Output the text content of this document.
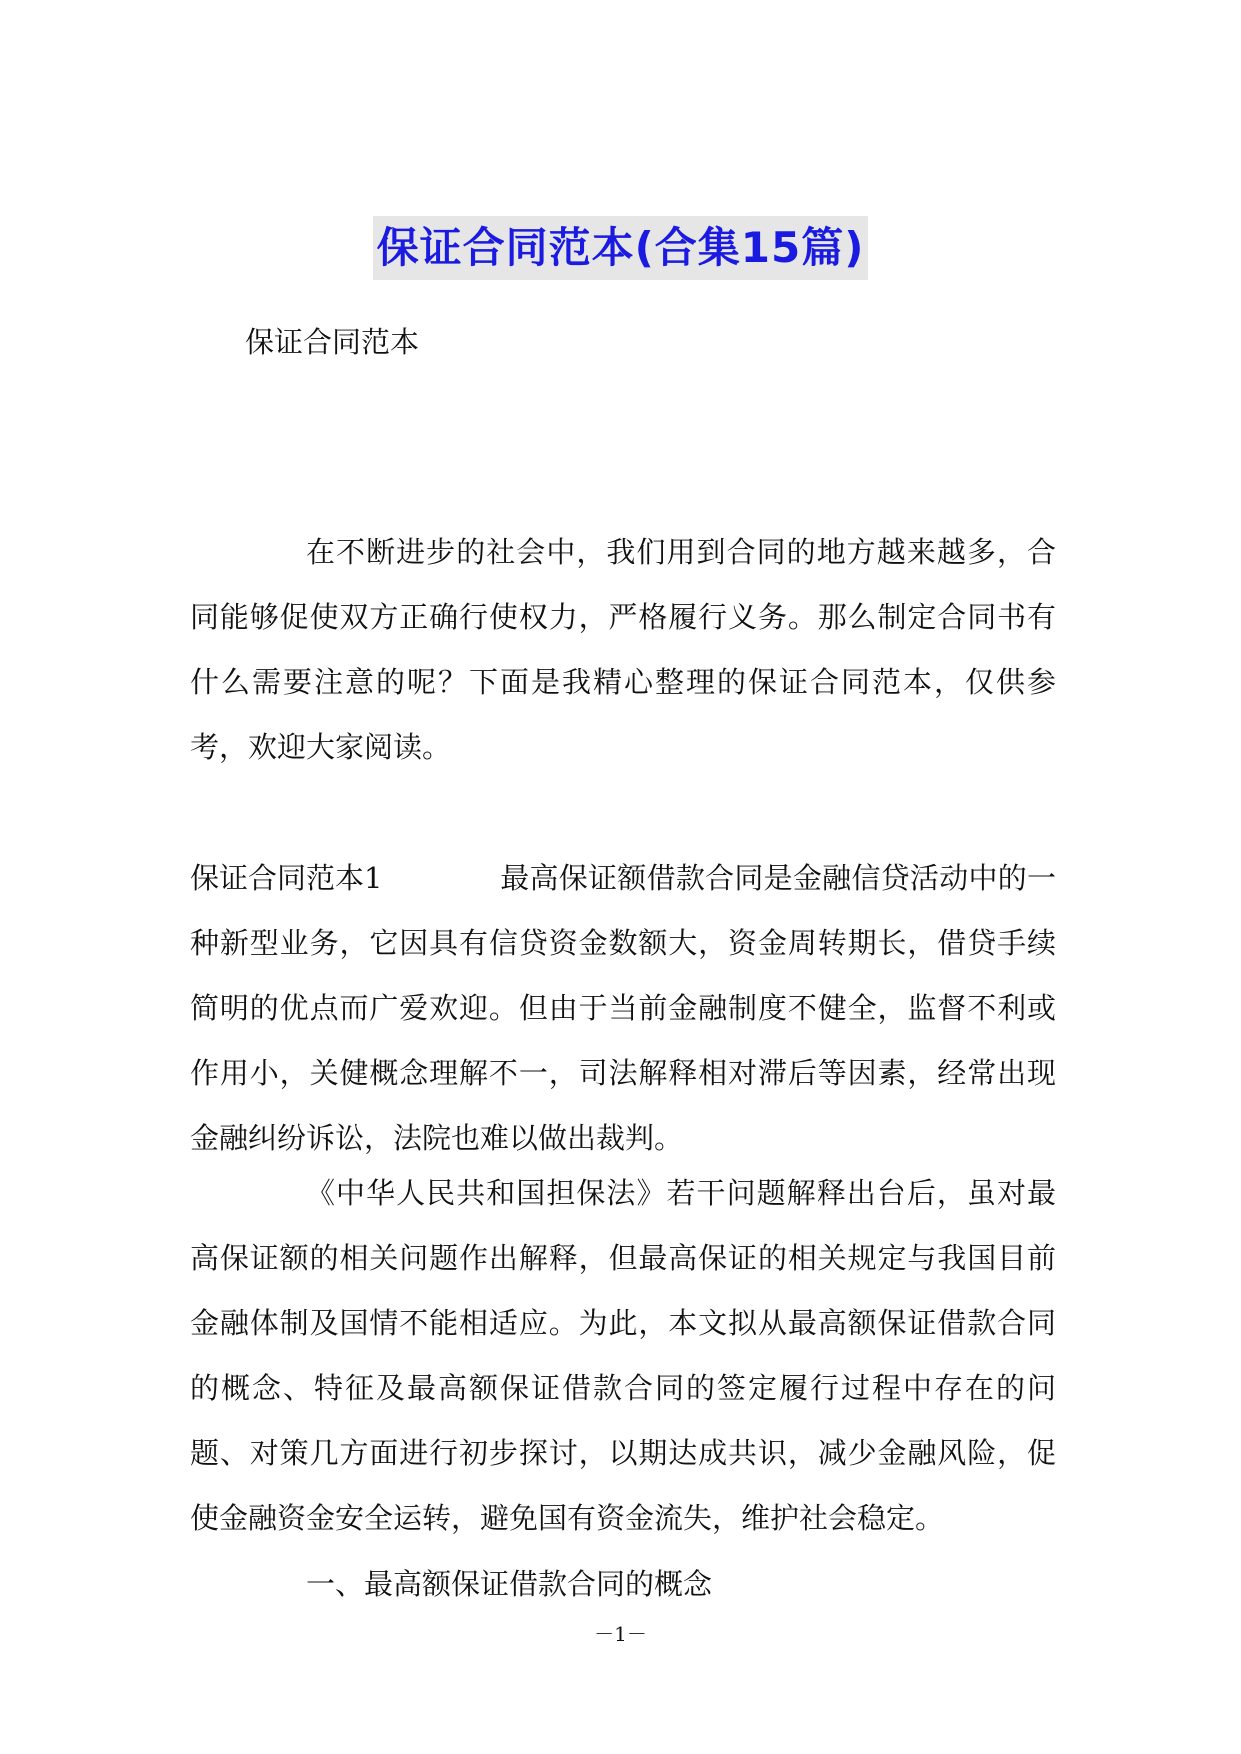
保证合同范本(合集15篇)
保证合同范本

在不断进步的社会中，我们用到合同的地方越来越多，合同能够促使双方正确行使权力，严格履行义务。那么制定合同书有什么需要注意的呢？下面是我精心整理的保证合同范本，仅供参考，欢迎大家阅读。

保证合同范本1	最高保证额借款合同是金融信贷活动中的一种新型业务，它因具有信贷资金数额大，资金周转期长，借贷手续简明的优点而广爱欢迎。但由于当前金融制度不健全，监督不利或作用小，关健概念理解不一，司法解释相对滞后等因素，经常出现金融纠纷诉讼，法院也难以做出裁判。

《中华人民共和国担保法》若干问题解释出台后，虽对最高保证额的相关问题作出解释，但最高保证的相关规定与我国目前金融体制及国情不能相适应。为此，本文拟从最高额保证借款合同的概念、特征及最高额保证借款合同的签定履行过程中存在的问题、对策几方面进行初步探讨，以期达成共识，减少金融风险，促使金融资金安全运转，避免国有资金流失，维护社会稳定。

一、最高额保证借款合同的概念

－1－
